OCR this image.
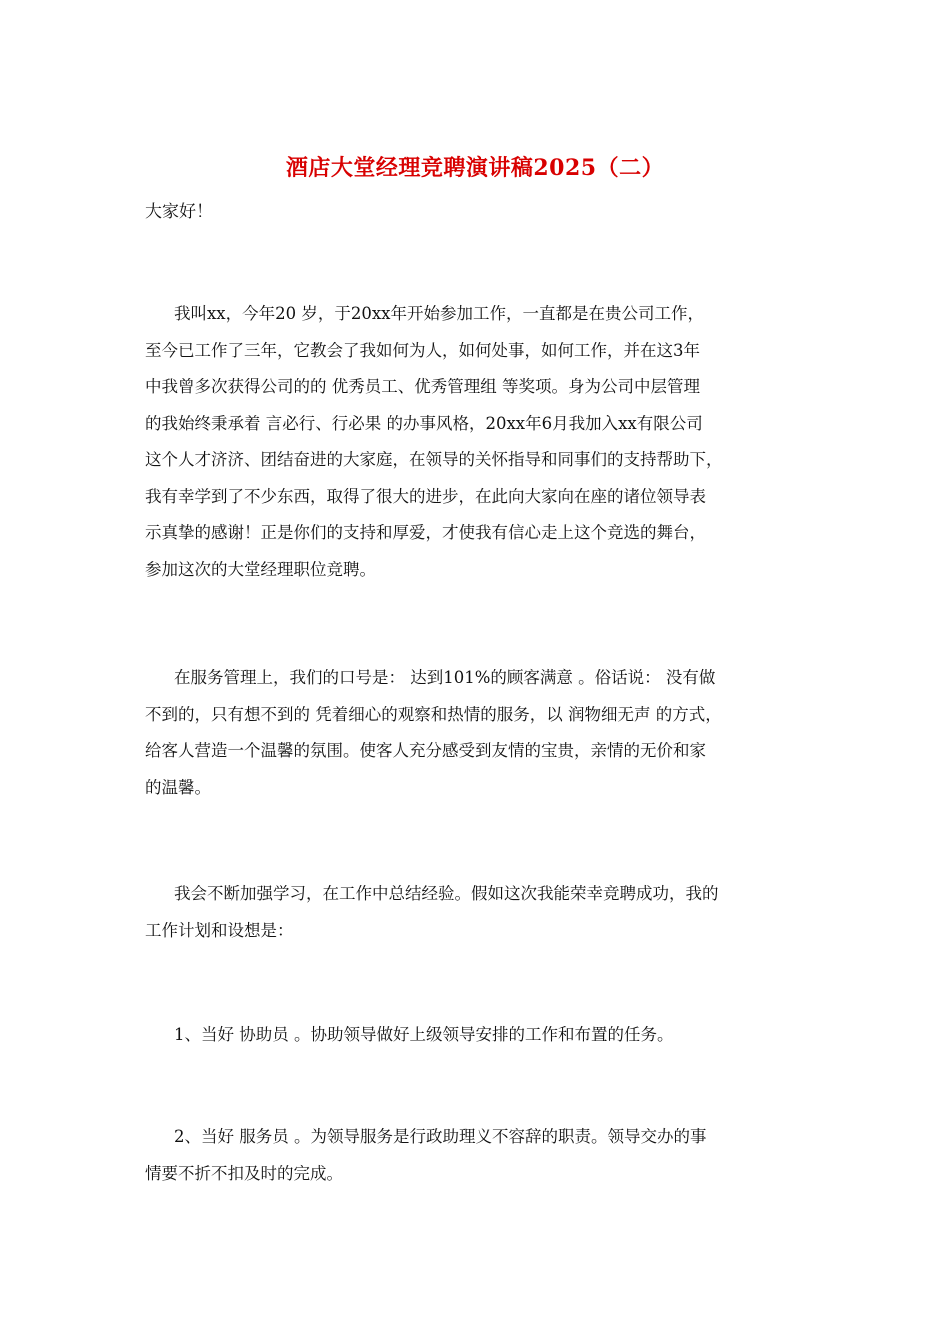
酒店大堂经理竞聘演讲稿2025（二）
大家好！
我叫xx，今年20 岁，于20xx年开始参加工作，一直都是在贵公司工作，
至今已工作了三年，它教会了我如何为人，如何处事，如何工作，并在这3年
中我曾多次获得公司的的 优秀员工、优秀管理组 等奖项。身为公司中层管理
的我始终秉承着 言必行、行必果 的办事风格，20xx年6月我加入xx有限公司
这个人才济济、团结奋进的大家庭，在领导的关怀指导和同事们的支持帮助下，
我有幸学到了不少东西，取得了很大的进步，在此向大家向在座的诸位领导表
示真挚的感谢！正是你们的支持和厚爱，才使我有信心走上这个竞选的舞台，
参加这次的大堂经理职位竞聘。
在服务管理上，我们的口号是： 达到101%的顾客满意 。俗话说： 没有做
不到的，只有想不到的 凭着细心的观察和热情的服务，以 润物细无声 的方式，
给客人营造一个温馨的氛围。使客人充分感受到友情的宝贵，亲情的无价和家
的温馨。
我会不断加强学习，在工作中总结经验。假如这次我能荣幸竞聘成功，我的
工作计划和设想是：
1、当好 协助员 。协助领导做好上级领导安排的工作和布置的任务。
2、当好 服务员 。为领导服务是行政助理义不容辞的职责。领导交办的事
情要不折不扣及时的完成。
